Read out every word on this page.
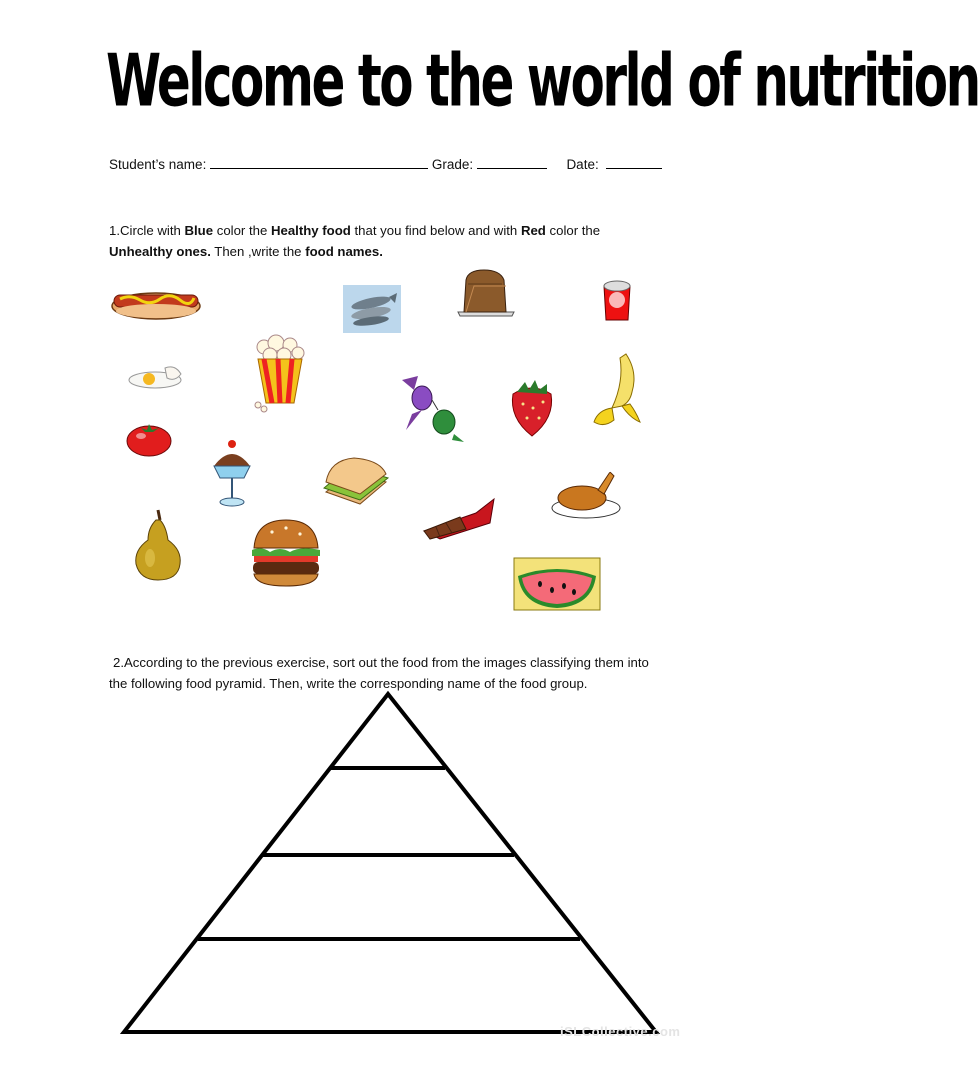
Welcome to the world of nutrition
Student’s name:	Grade:	Date:
1.Circle with Blue color the Healthy food that you find below and with Red color the
Unhealthy ones. Then ,write the food names.
2.According to the previous exercise, sort out the food from the images classifying them into
the following food pyramid. Then, write the corresponding name of the food group.
iSLCollective.com
